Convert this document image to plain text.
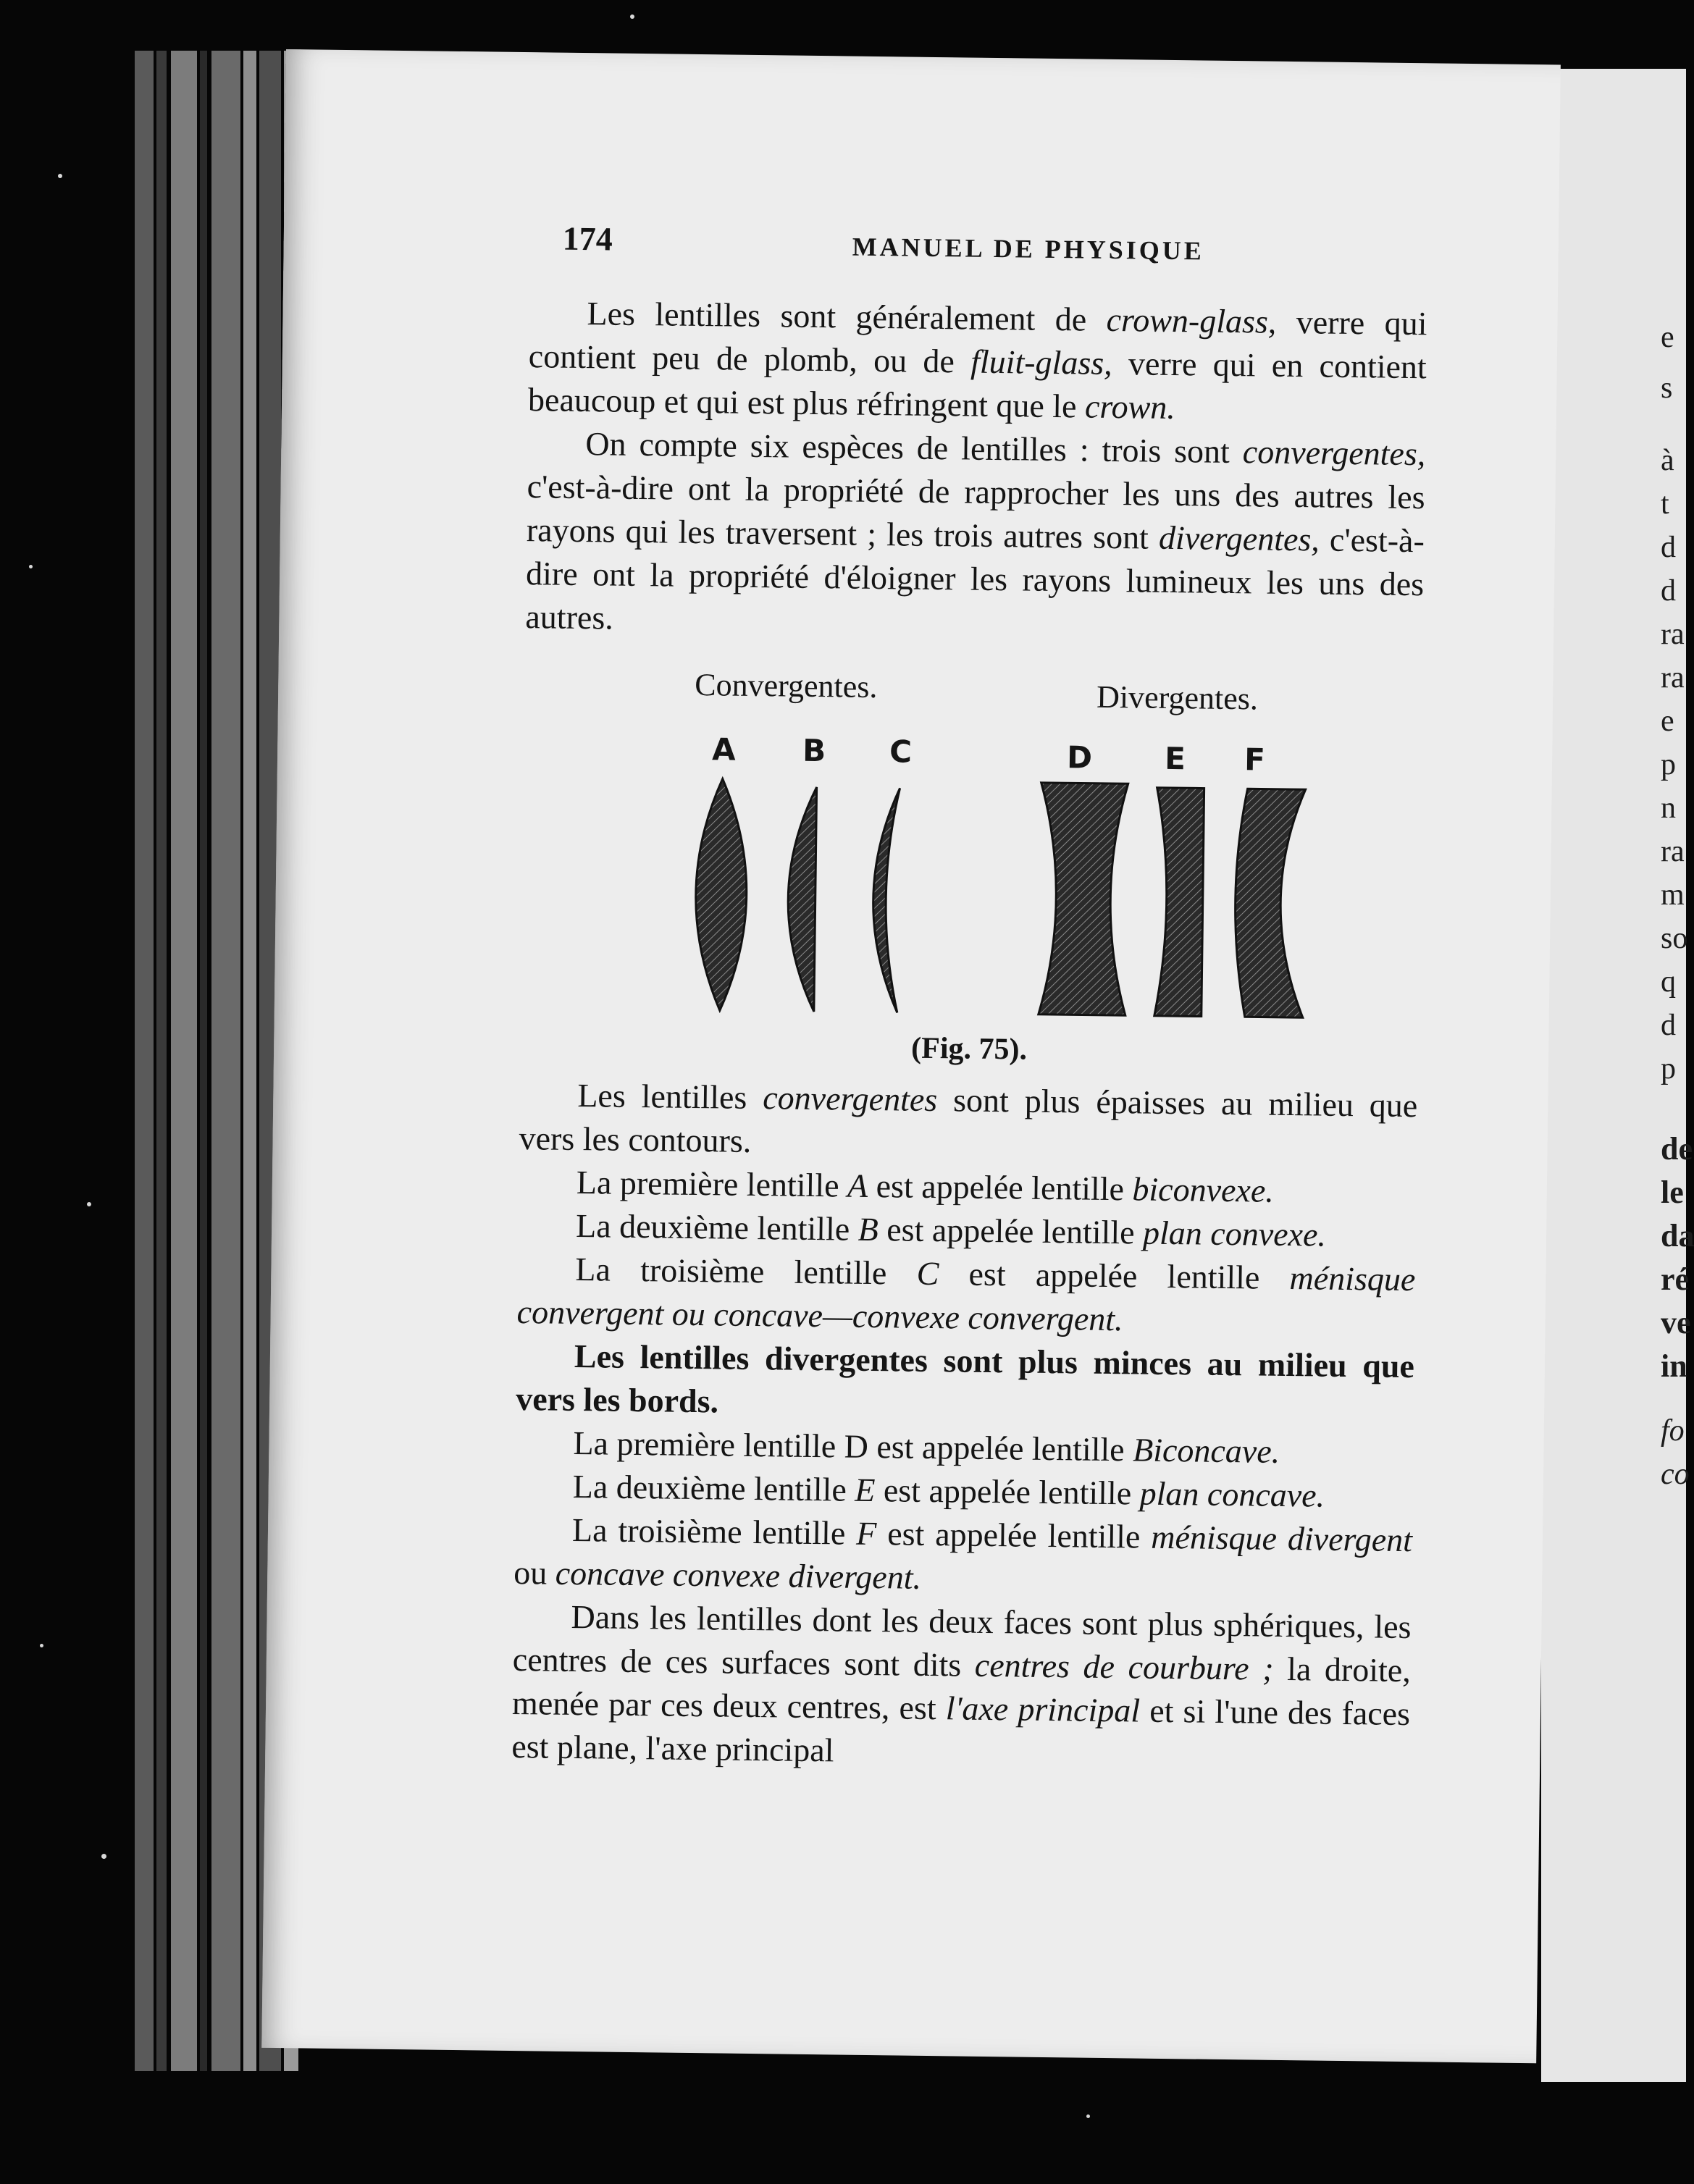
e
s
à
t
d
d
ra
ra
e
p
n
ra
m
so
q
d
p
de
le
da
ré
ve
in
fo
co
174	MANUEL DE PHYSIQUE

Les lentilles sont généralement de crown-glass, verre qui contient peu de plomb, ou de fluit-glass, verre qui en contient beaucoup et qui est plus réfringent que le crown.

On compte six espèces de lentilles : trois sont convergentes, c'est-à-dire ont la propriété de rapprocher les uns des autres les rayons qui les traversent ; les trois autres sont divergentes, c'est-à-dire ont la propriété d'éloigner les rayons lumineux les uns des autres.

Convergentes.	Divergentes.
A B C	D E F
(Fig. 75).

Les lentilles convergentes sont plus épaisses au milieu que vers les contours.

La première lentille A est appelée lentille biconvexe.

La deuxième lentille B est appelée lentille plan convexe.

La troisième lentille C est appelée lentille ménisque convergent ou concave—convexe convergent.

Les lentilles divergentes sont plus minces au milieu que vers les bords.

La première lentille D est appelée lentille Biconcave.

La deuxième lentille E est appelée lentille plan concave.

La troisième lentille F est appelée lentille ménisque divergent ou concave convexe divergent.

Dans les lentilles dont les deux faces sont plus sphériques, les centres de ces surfaces sont dits centres de courbure ; la droite, menée par ces deux centres, est l'axe principal et si l'une des faces est plane, l'axe principal
